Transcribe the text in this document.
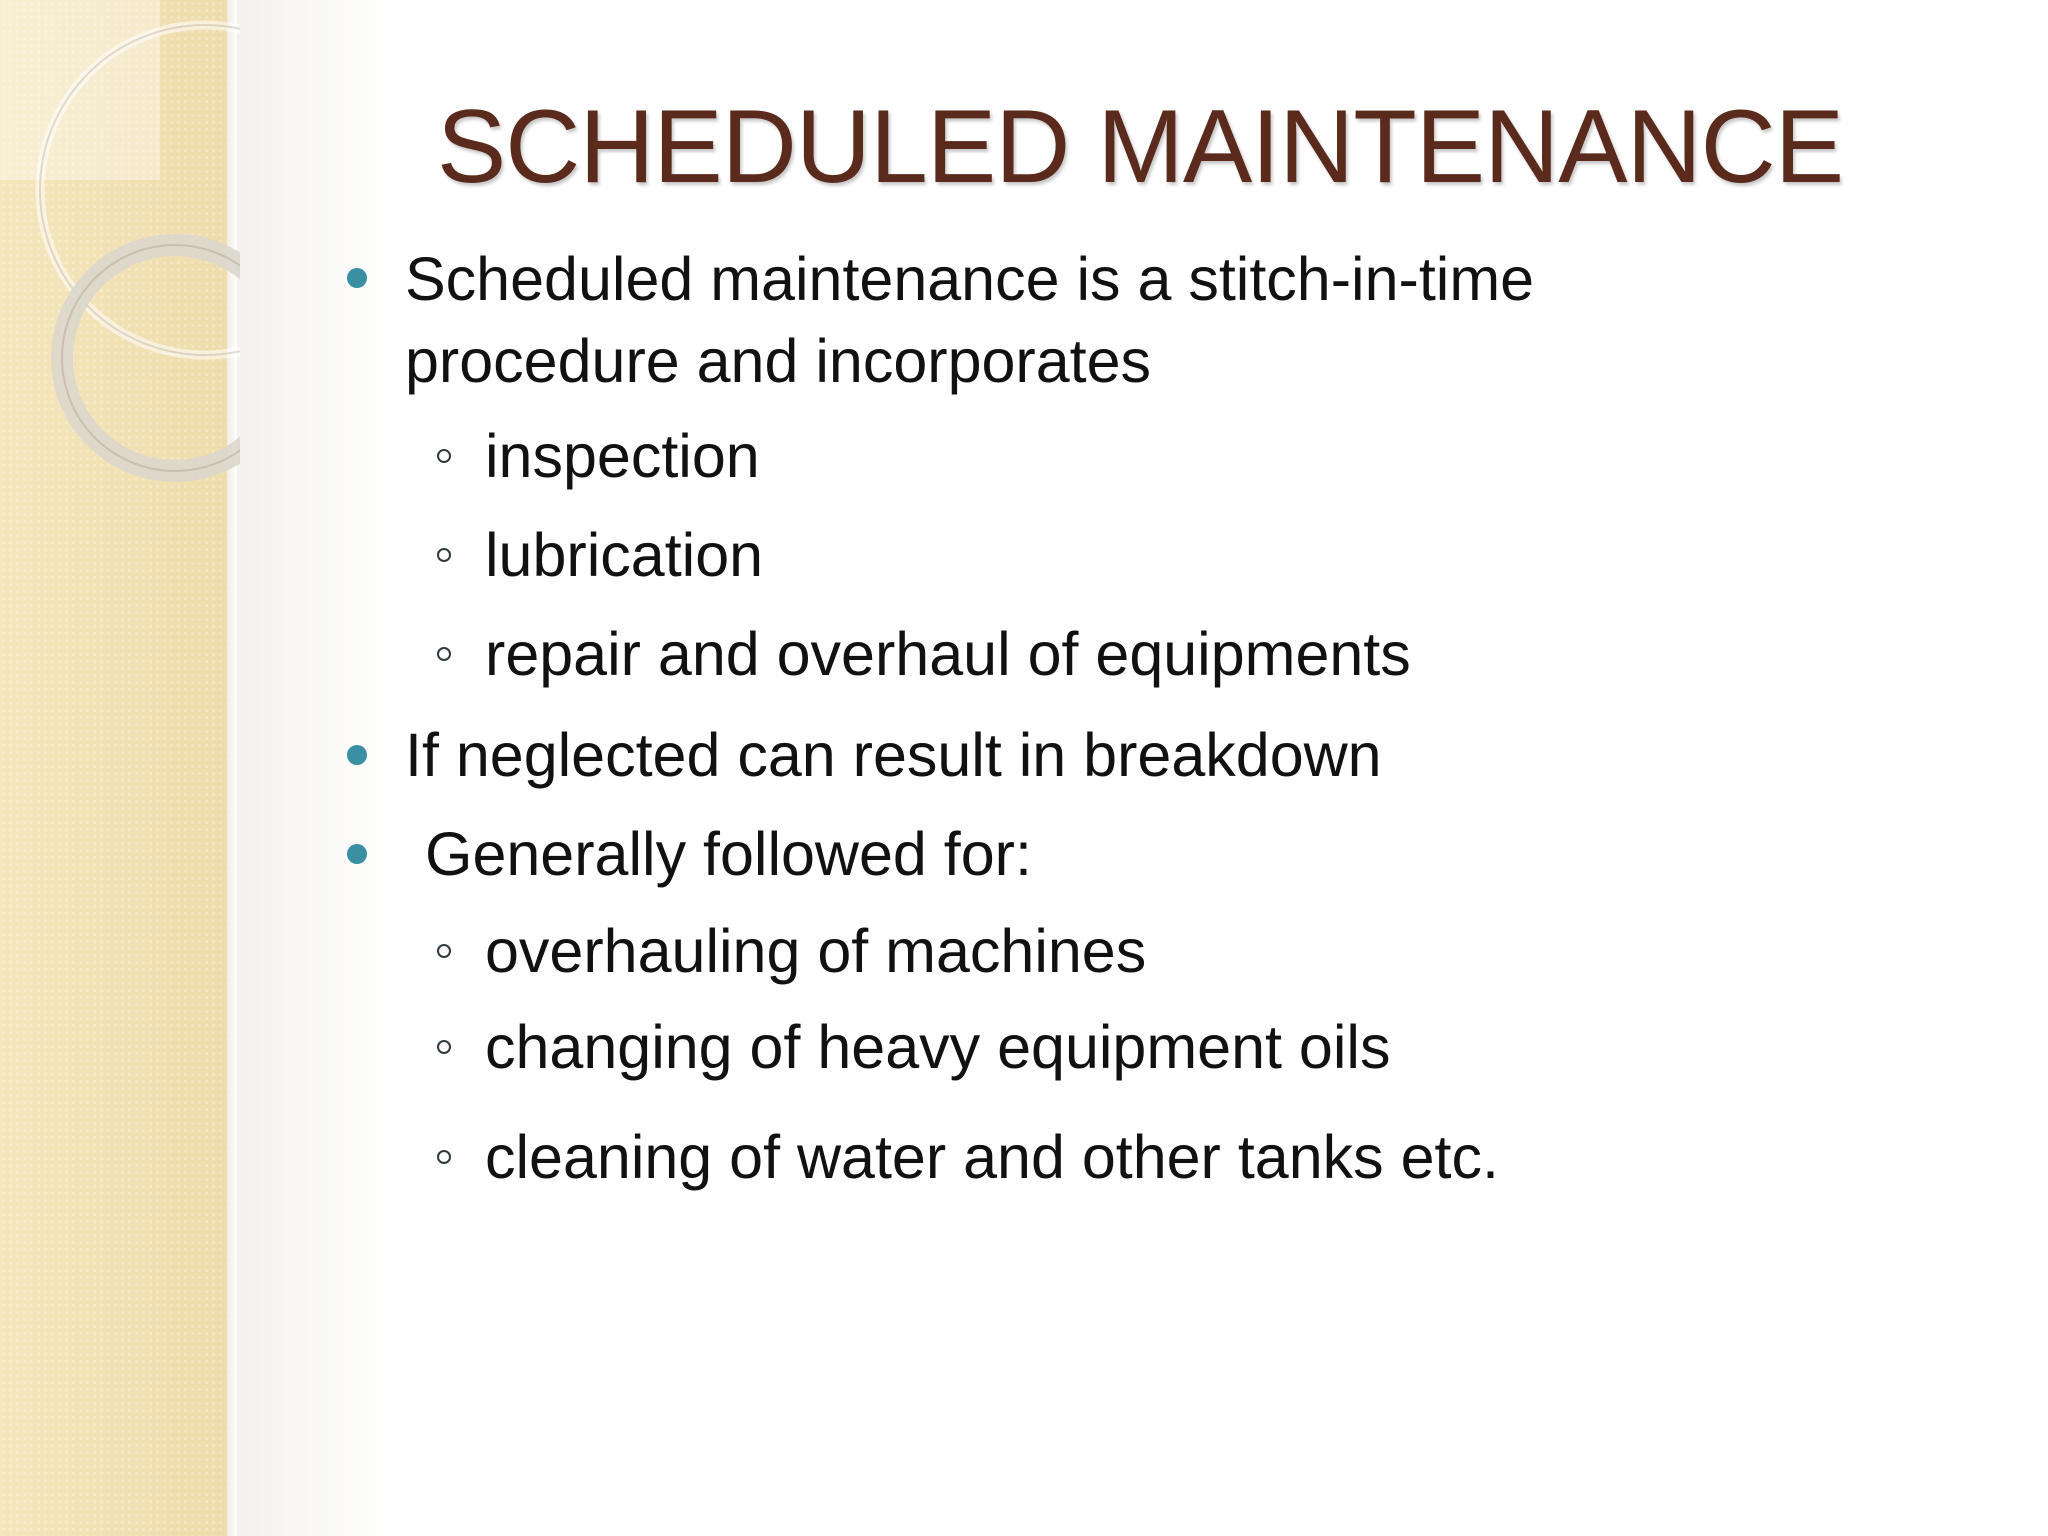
SCHEDULED MAINTENANCE
Scheduled maintenance is a stitch-in-time
procedure and incorporates
inspection
lubrication
repair and overhaul of equipments
If neglected can result in breakdown
Generally followed for:
overhauling of machines
changing of heavy equipment oils
cleaning of water and other tanks etc.
